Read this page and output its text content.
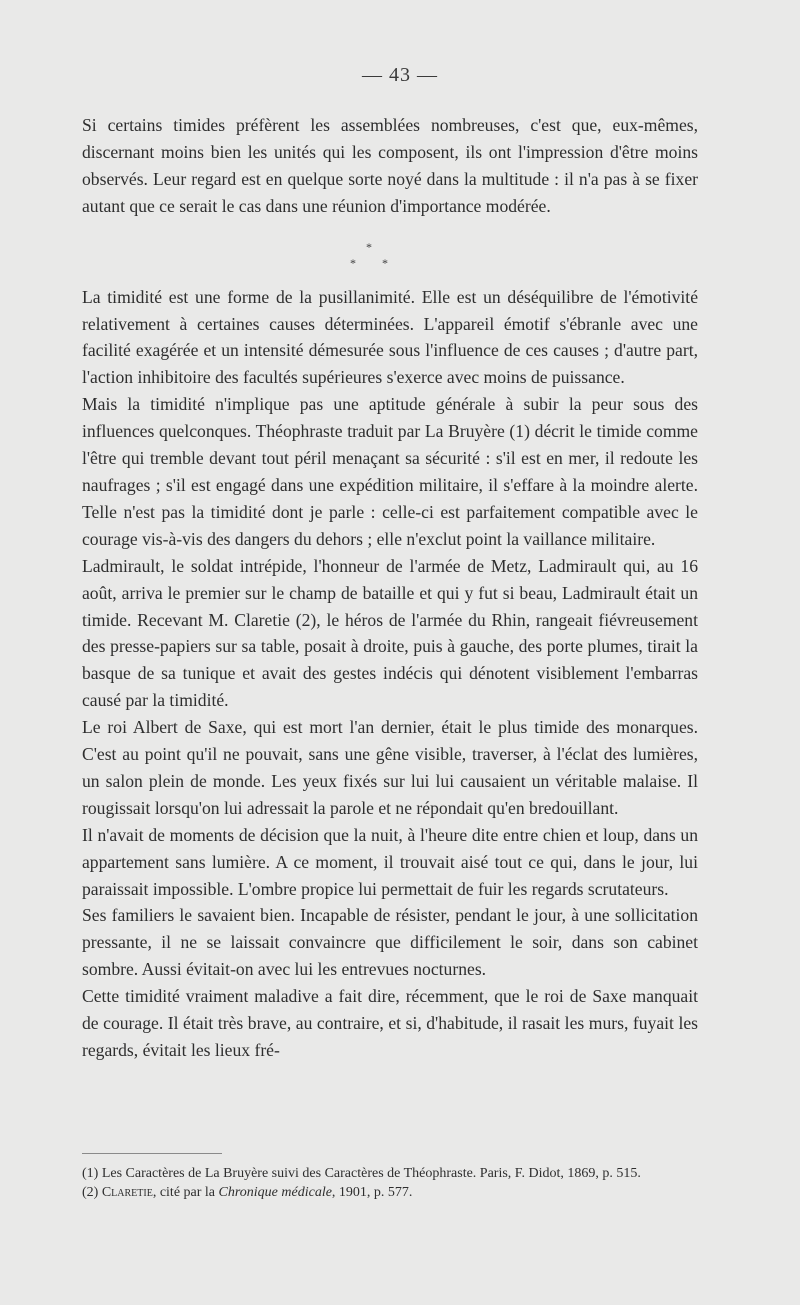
— 43 —

Si certains timides préfèrent les assemblées nombreuses, c'est que, eux-mêmes, discernant moins bien les unités qui les composent, ils ont l'impression d'être moins observés. Leur regard est en quelque sorte noyé dans la multitude : il n'a pas à se fixer autant que ce serait le cas dans une réunion d'importance modérée.

*
* *

La timidité est une forme de la pusillanimité. Elle est un déséquilibre de l'émotivité relativement à certaines causes déterminées. L'appareil émotif s'ébranle avec une facilité exagérée et un intensité démesurée sous l'influence de ces causes ; d'autre part, l'action inhibitoire des facultés supérieures s'exerce avec moins de puissance.

Mais la timidité n'implique pas une aptitude générale à subir la peur sous des influences quelconques. Théophraste traduit par La Bruyère (1) décrit le timide comme l'être qui tremble devant tout péril menaçant sa sécurité : s'il est en mer, il redoute les naufrages ; s'il est engagé dans une expédition militaire, il s'effare à la moindre alerte. Telle n'est pas la timidité dont je parle : celle-ci est parfaitement compatible avec le courage vis-à-vis des dangers du dehors ; elle n'exclut point la vaillance militaire.

Ladmirault, le soldat intrépide, l'honneur de l'armée de Metz, Ladmirault qui, au 16 août, arriva le premier sur le champ de bataille et qui y fut si beau, Ladmirault était un timide. Recevant M. Claretie (2), le héros de l'armée du Rhin, rangeait fiévreusement des presse-papiers sur sa table, posait à droite, puis à gauche, des porte plumes, tirait la basque de sa tunique et avait des gestes indécis qui dénotent visiblement l'embarras causé par la timidité.

Le roi Albert de Saxe, qui est mort l'an dernier, était le plus timide des monarques. C'est au point qu'il ne pouvait, sans une gêne visible, traverser, à l'éclat des lumières, un salon plein de monde. Les yeux fixés sur lui lui causaient un véritable malaise. Il rougissait lorsqu'on lui adressait la parole et ne répondait qu'en bredouillant.

Il n'avait de moments de décision que la nuit, à l'heure dite entre chien et loup, dans un appartement sans lumière. A ce moment, il trouvait aisé tout ce qui, dans le jour, lui paraissait impossible. L'ombre propice lui permettait de fuir les regards scrutateurs.

Ses familiers le savaient bien. Incapable de résister, pendant le jour, à une sollicitation pressante, il ne se laissait convaincre que difficilement le soir, dans son cabinet sombre. Aussi évitait-on avec lui les entrevues nocturnes.

Cette timidité vraiment maladive a fait dire, récemment, que le roi de Saxe manquait de courage. Il était très brave, au contraire, et si, d'habitude, il rasait les murs, fuyait les regards, évitait les lieux fré-

(1) Les Caractères de La Bruyère suivi des Caractères de Théophraste. Paris, F. Didot, 1869, p. 515.

(2) Claretie, cité par la Chronique médicale, 1901, p. 577.
